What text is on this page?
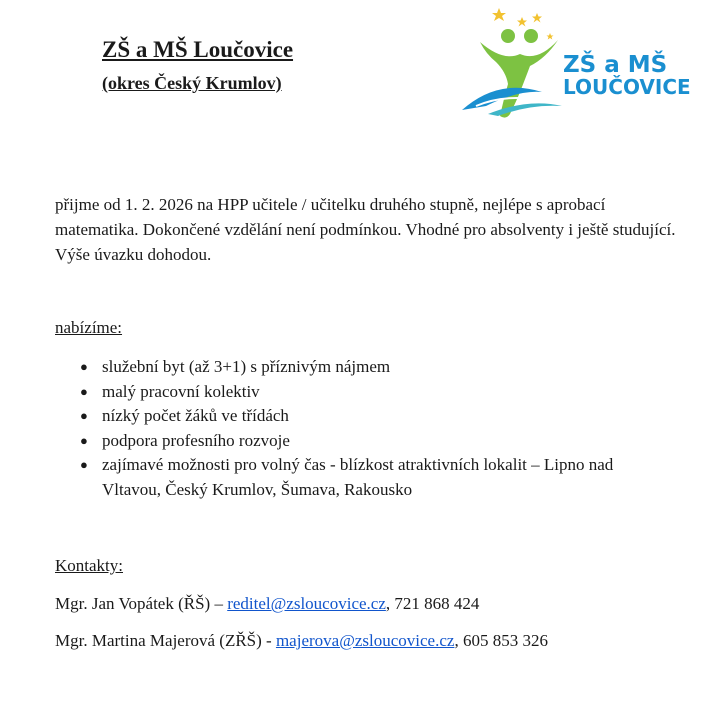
ZŠ a MŠ Loučovice
(okres Český Krumlov)
ZŠ a MŠ
LOUČOVICE

přijme od 1. 2. 2026 na HPP učitele / učitelku druhého stupně, nejlépe s aprobací matematika. Dokončené vzdělání není podmínkou. Vhodné pro absolventy i ještě studující. Výše úvazku dohodou.

nabízíme:

● služební byt (až 3+1) s příznivým nájmem
● malý pracovní kolektiv
● nízký počet žáků ve třídách
● podpora profesního rozvoje
● zajímavé možnosti pro volný čas - blízkost atraktivních lokalit – Lipno nad Vltavou, Český Krumlov, Šumava, Rakousko

Kontakty:

Mgr. Jan Vopátek (ŘŠ) – reditel@zsloucovice.cz, 721 868 424

Mgr. Martina Majerová (ZŘŠ) - majerova@zsloucovice.cz, 605 853 326
